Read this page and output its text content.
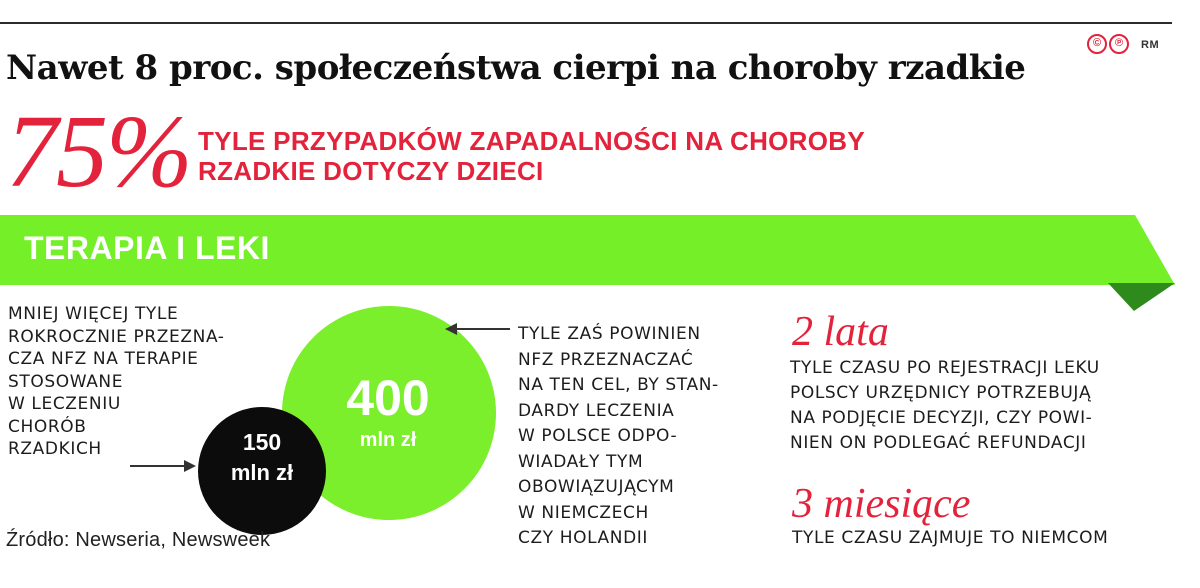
Nawet 8 proc. społeczeństwa cierpi na choroby rzadkie
©	℗	RM
75% TYLE PRZYPADKÓW ZAPADALNOŚCI NA CHOROBY
RZADKIE DOTYCZY DZIECI
TERAPIA I LEKI
MNIEJ WIĘCEJ TYLE
ROKROCZNIE PRZEZNA-
CZA NFZ NA TERAPIE
STOSOWANE
W LECZENIU
CHORÓB
RZADKICH
400
mln zł
150
mln zł
TYLE ZAŚ POWINIEN
NFZ PRZEZNACZAĆ
NA TEN CEL, BY STAN-
DARDY LECZENIA
W POLSCE ODPO-
WIADAŁY TYM
OBOWIĄZUJĄCYM
W NIEMCZECH
CZY HOLANDII
Źródło: Newseria, Newsweek
2 lata
TYLE CZASU PO REJESTRACJI LEKU
POLSCY URZĘDNICY POTRZEBUJĄ
NA PODJĘCIE DECYZJI, CZY POWI-
NIEN ON PODLEGAĆ REFUNDACJI
3 miesiące
TYLE CZASU ZAJMUJE TO NIEMCOM
